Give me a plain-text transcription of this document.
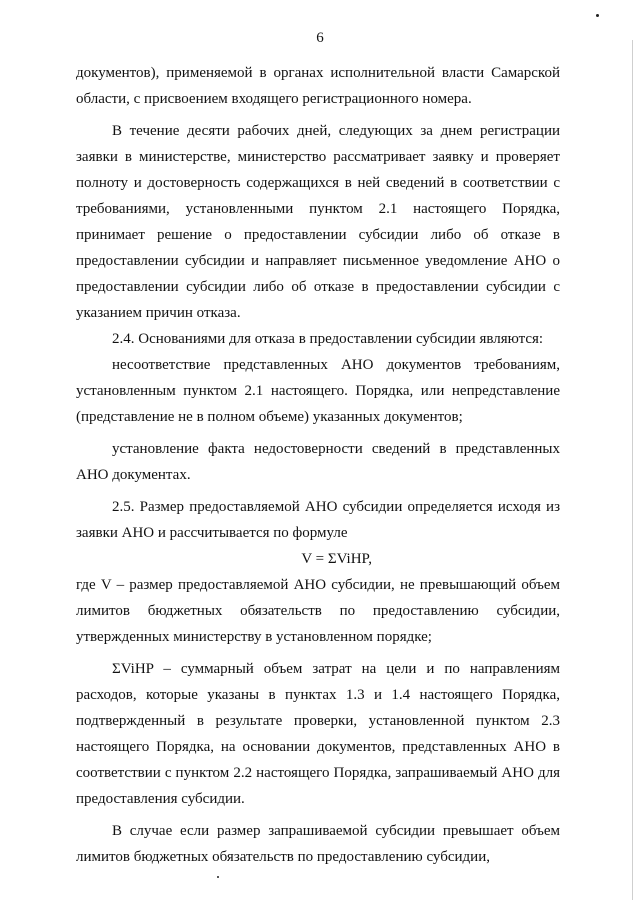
6

документов), применяемой в органах исполнительной власти Самарской области, с присвоением входящего регистрационного номера.

В течение десяти рабочих дней, следующих за днем регистрации заявки в министерстве, министерство рассматривает заявку и проверяет полноту и достоверность содержащихся в ней сведений в соответствии с требованиями, установленными пунктом 2.1 настоящего Порядка, принимает решение о предоставлении субсидии либо об отказе в предоставлении субсидии и направляет письменное уведомление АНО о предоставлении субсидии либо об отказе в предоставлении субсидии с указанием причин отказа.

2.4. Основаниями для отказа в предоставлении субсидии являются:

несоответствие представленных АНО документов требованиям, установленным пунктом 2.1 настоящего. Порядка, или непредставление (представление не в полном объеме) указанных документов;

установление факта недостоверности сведений в представленных АНО документах.

2.5. Размер предоставляемой АНО субсидии определяется исходя из заявки АНО и рассчитывается по формуле

V = ΣViHP,

где V – размер предоставляемой АНО субсидии, не превышающий объем лимитов бюджетных обязательств по предоставлению субсидии, утвержденных министерству в установленном порядке;

ΣViHP – суммарный объем затрат на цели и по направлениям расходов, которые указаны в пунктах 1.3 и 1.4 настоящего Порядка, подтвержденный в результате проверки, установленной пунктом 2.3 настоящего Порядка, на основании документов, представленных АНО в соответствии с пунктом 2.2 настоящего Порядка, запрашиваемый АНО для предоставления субсидии.

В случае если размер запрашиваемой субсидии превышает объем лимитов бюджетных обязательств по предоставлению субсидии,
